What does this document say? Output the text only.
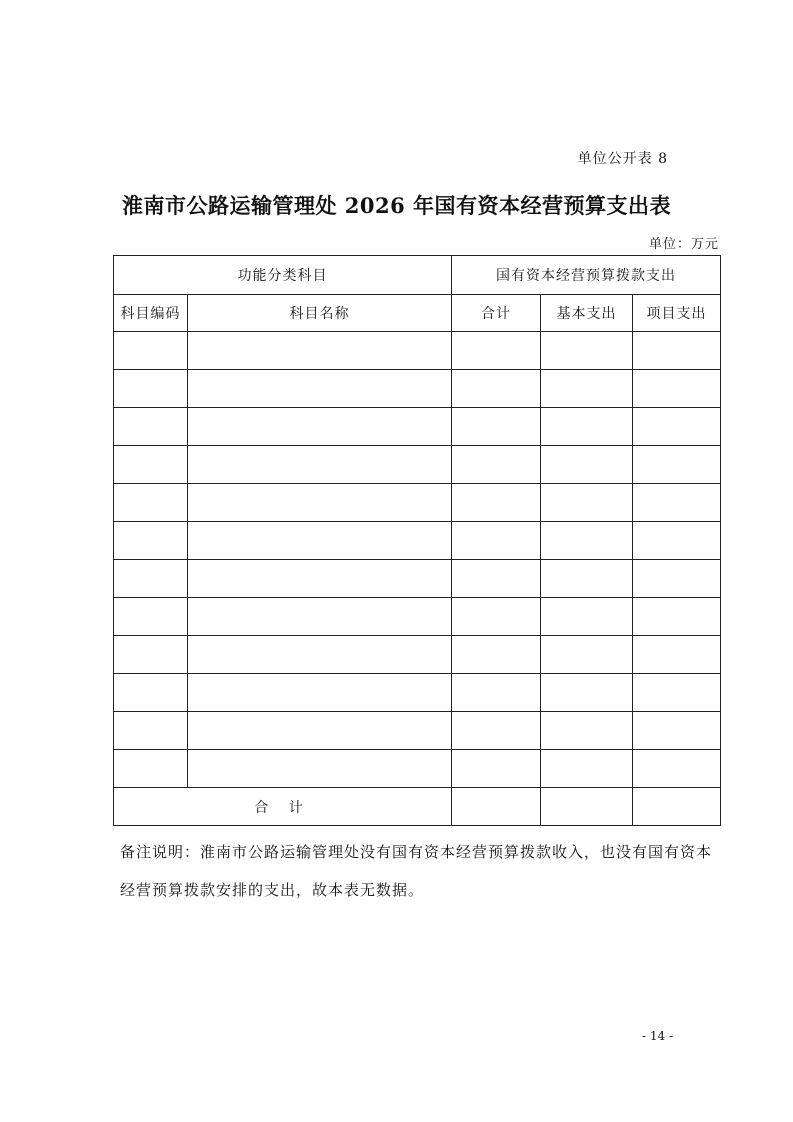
单位公开表 8
淮南市公路运输管理处 2026 年国有资本经营预算支出表
单位：万元
功能分类科目		国有资本经营预算拨款支出		
科目编码	科目名称	合计	基本支出	项目支出

合 计				
备注说明：淮南市公路运输管理处没有国有资本经营预算拨款收入，也没有国有资本经营预算拨款安排的支出，故本表无数据。
- 14 -
